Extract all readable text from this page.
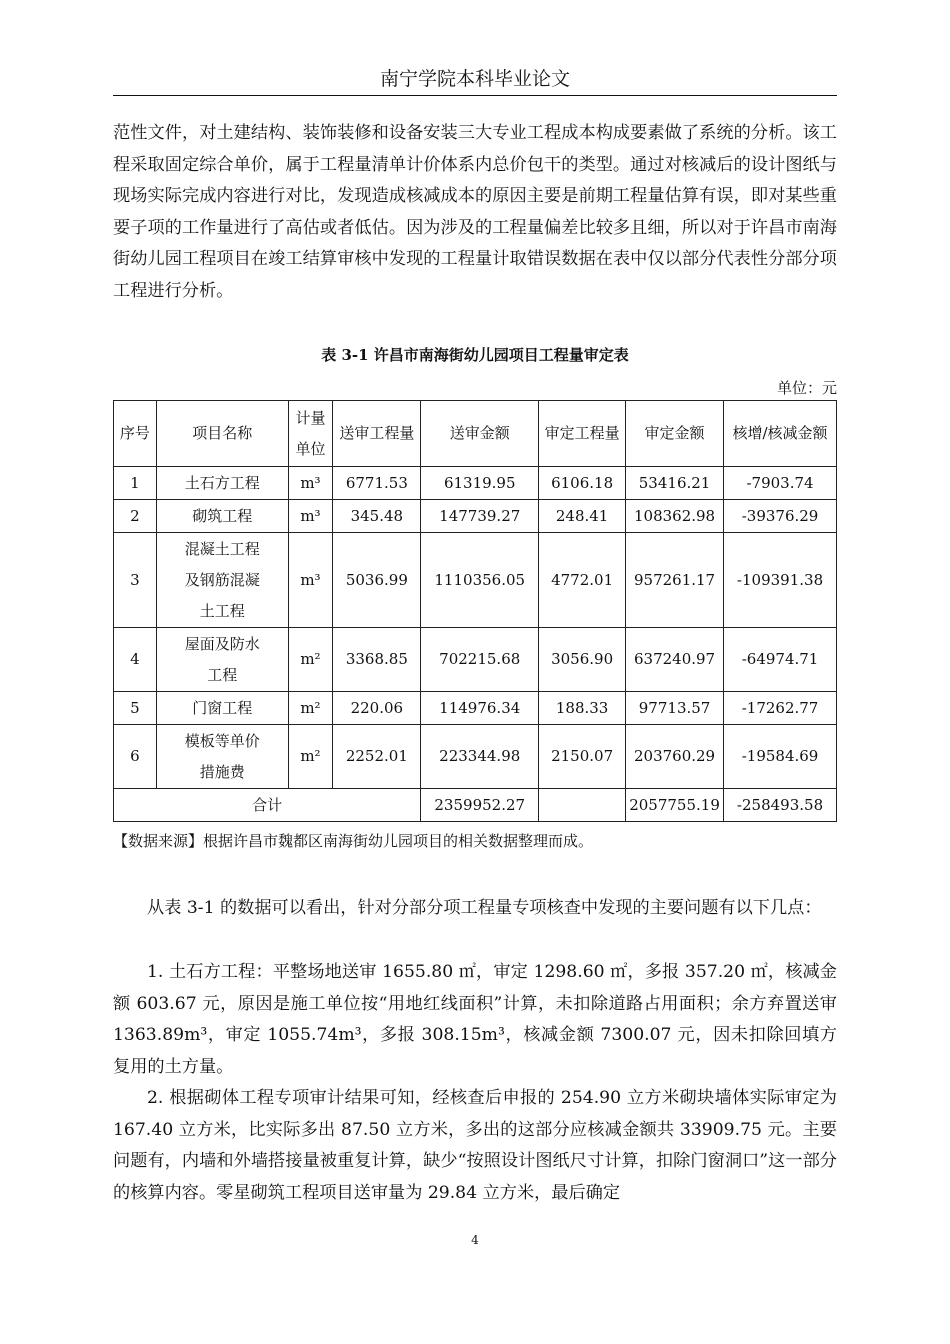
南宁学院本科毕业论文

范性文件，对土建结构、装饰装修和设备安装三大专业工程成本构成要素做了系统的分析。该工程采取固定综合单价，属于工程量清单计价体系内总价包干的类型。通过对核减后的设计图纸与现场实际完成内容进行对比，发现造成核减成本的原因主要是前期工程量估算有误，即对某些重要子项的工作量进行了高估或者低估。因为涉及的工程量偏差比较多且细，所以对于许昌市南海街幼儿园工程项目在竣工结算审核中发现的工程量计取错误数据在表中仅以部分代表性分部分项工程进行分析。

表 3-1 许昌市南海街幼儿园项目工程量审定表
单位：元
序号	项目名称	计量单位	送审工程量	送审金额	审定工程量	审定金额	核增/核减金额
1	土石方工程	m³	6771.53	61319.95	6106.18	53416.21	-7903.74
2	砌筑工程	m³	345.48	147739.27	248.41	108362.98	-39376.29
3	混凝土工程及钢筋混凝土工程	m³	5036.99	1110356.05	4772.01	957261.17	-109391.38
4	屋面及防水工程	m²	3368.85	702215.68	3056.90	637240.97	-64974.71
5	门窗工程	m²	220.06	114976.34	188.33	97713.57	-17262.77
6	模板等单价措施费	m²	2252.01	223344.98	2150.07	203760.29	-19584.69
合计				2359952.27		2057755.19	-258493.58
【数据来源】根据许昌市魏都区南海街幼儿园项目的相关数据整理而成。

从表 3-1 的数据可以看出，针对分部分项工程量专项核查中发现的主要问题有以下几点：

1. 土石方工程：平整场地送审 1655.80 ㎡，审定 1298.60 ㎡，多报 357.20 ㎡，核减金额 603.67 元，原因是施工单位按“用地红线面积”计算，未扣除道路占用面积；余方弃置送审 1363.89m³，审定 1055.74m³，多报 308.15m³，核减金额 7300.07 元，因未扣除回填方复用的土方量。

2. 根据砌体工程专项审计结果可知，经核查后申报的 254.90 立方米砌块墙体实际审定为 167.40 立方米，比实际多出 87.50 立方米，多出的这部分应核减金额共 33909.75 元。主要问题有，内墙和外墙搭接量被重复计算，缺少“按照设计图纸尺寸计算，扣除门窗洞口”这一部分的核算内容。零星砌筑工程项目送审量为 29.84 立方米，最后确定

4
